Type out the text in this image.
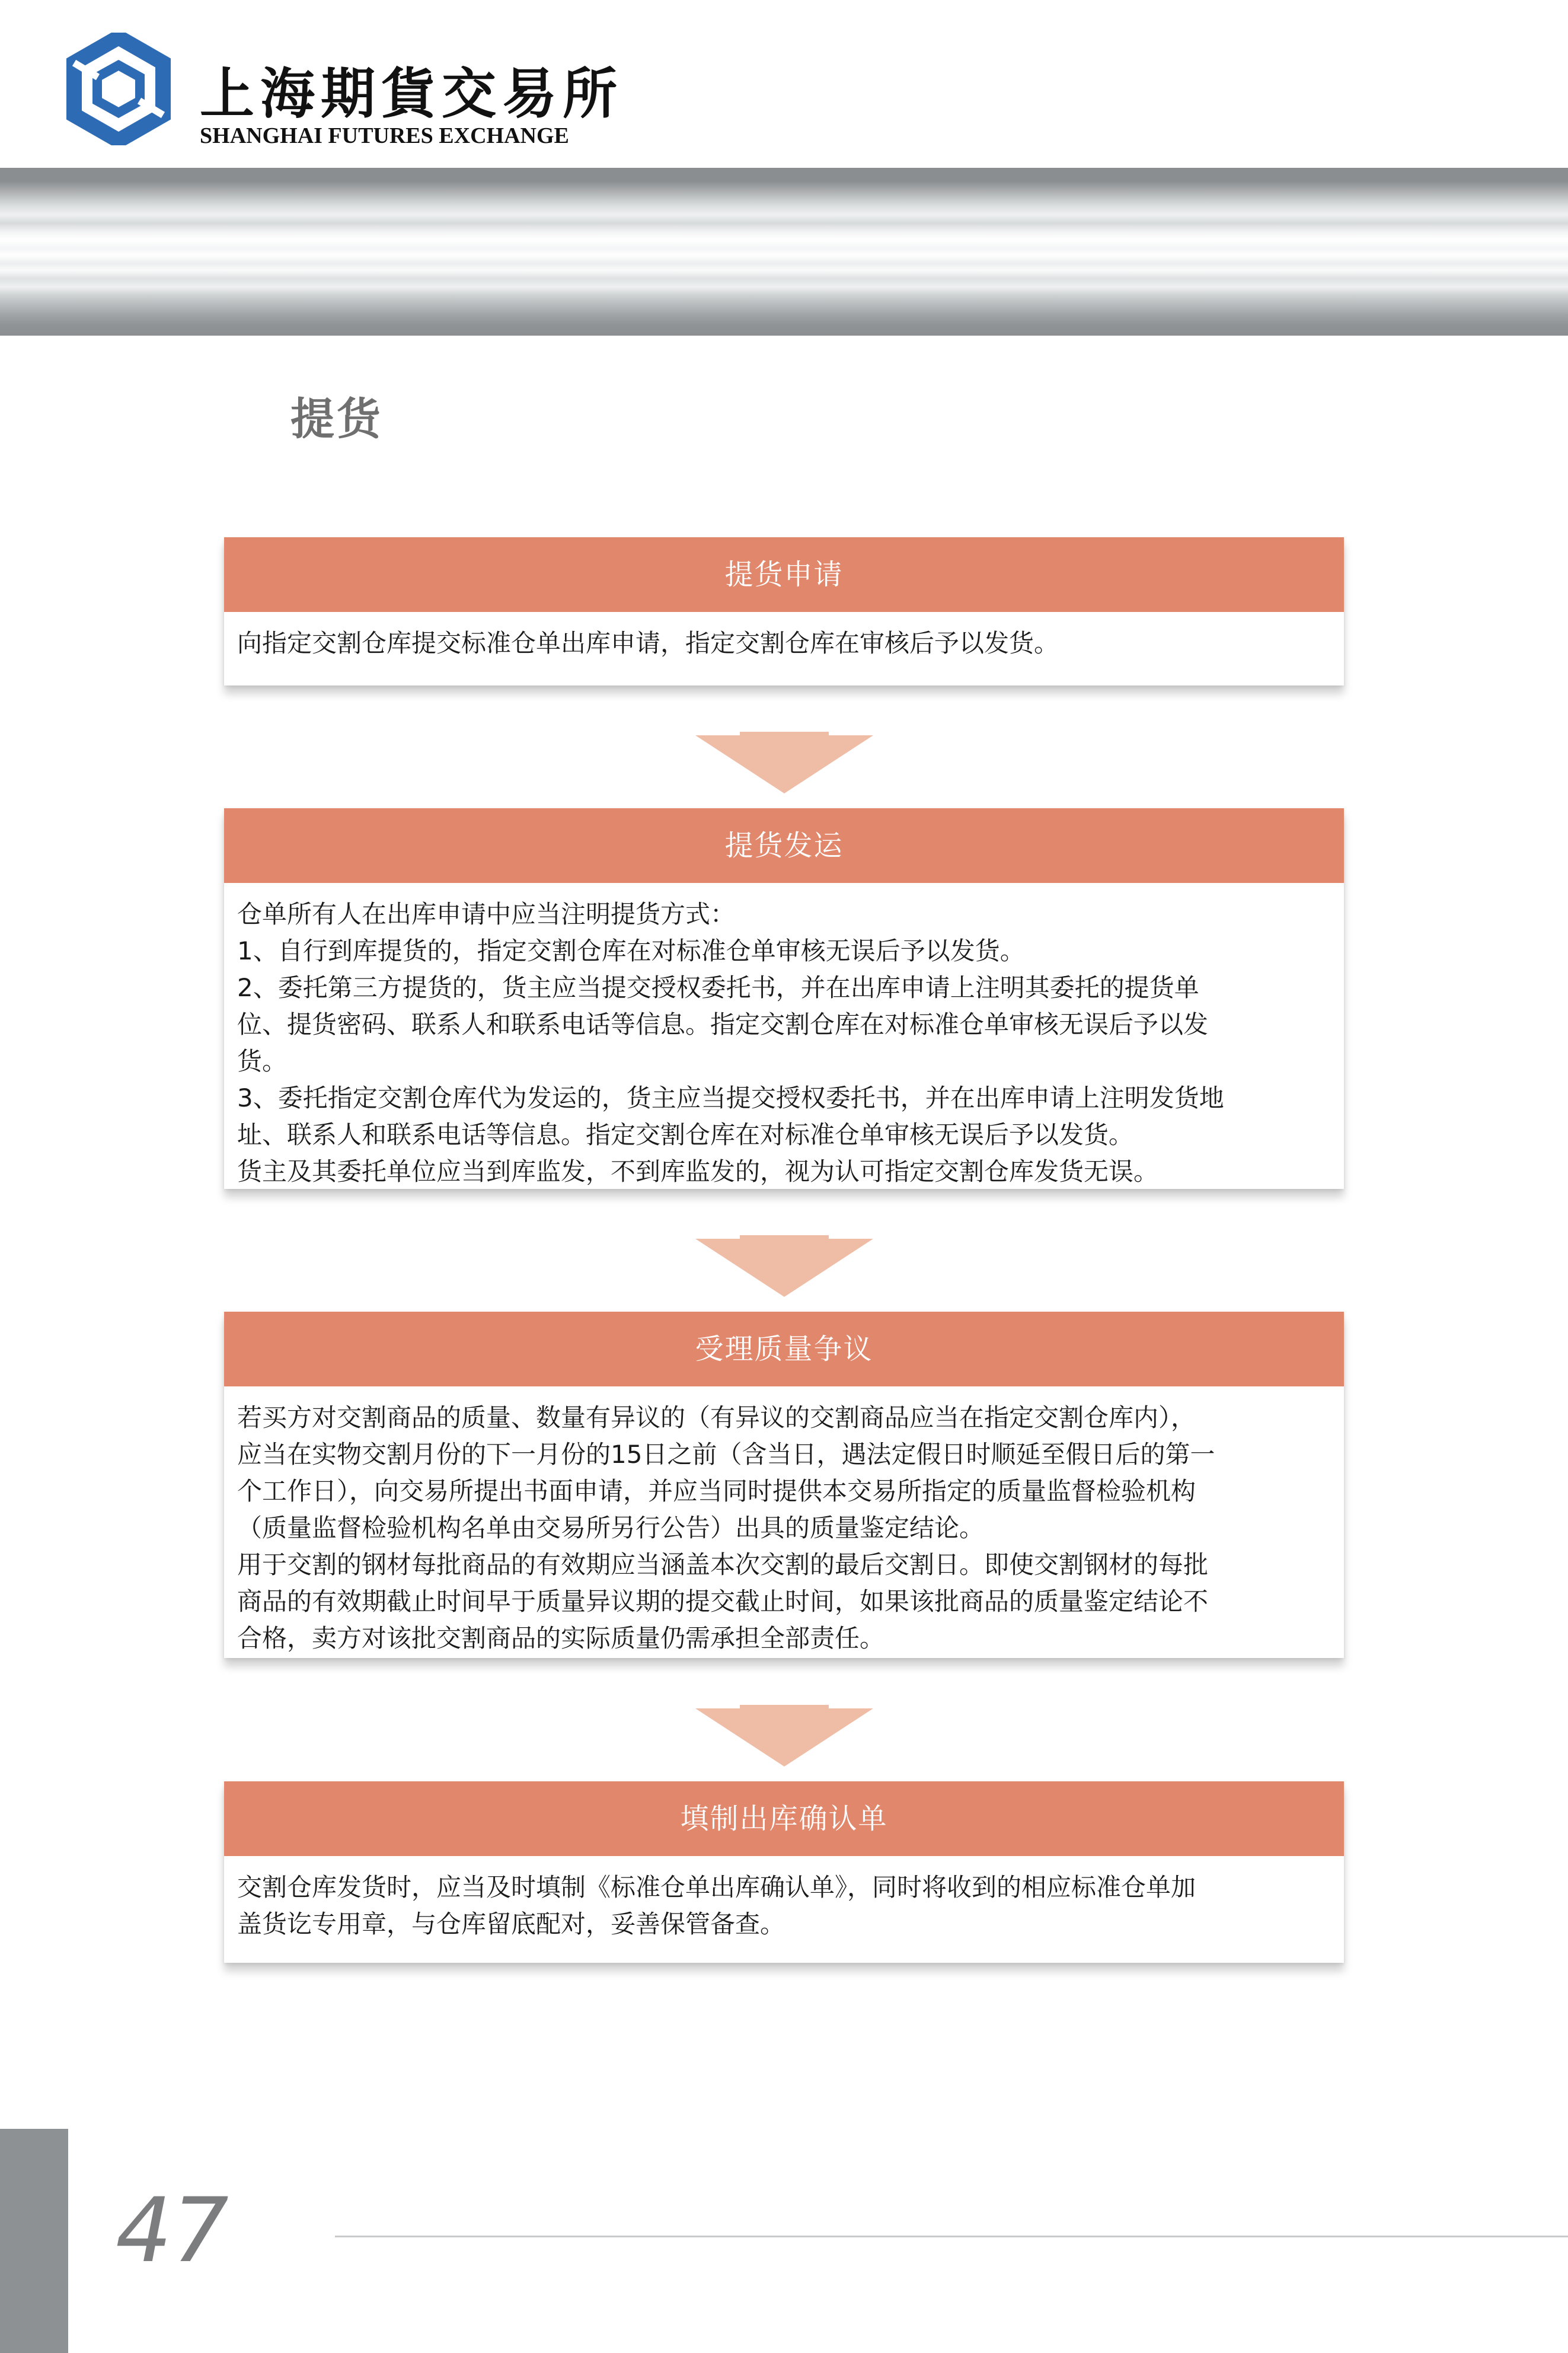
上海期貨交易所
SHANGHAI FUTURES EXCHANGE
提货
提货申请

向指定交割仓库提交标准仓单出库申请，指定交割仓库在审核后予以发货。

提货发运

仓单所有人在出库申请中应当注明提货方式：

1、自行到库提货的，指定交割仓库在对标准仓单审核无误后予以发货。

2、委托第三方提货的，货主应当提交授权委托书，并在出库申请上注明其委托的提货单

位、提货密码、联系人和联系电话等信息。指定交割仓库在对标准仓单审核无误后予以发

货。

3、委托指定交割仓库代为发运的，货主应当提交授权委托书，并在出库申请上注明发货地

址、联系人和联系电话等信息。指定交割仓库在对标准仓单审核无误后予以发货。

货主及其委托单位应当到库监发，不到库监发的，视为认可指定交割仓库发货无误。

受理质量争议

若买方对交割商品的质量、数量有异议的（有异议的交割商品应当在指定交割仓库内），

应当在实物交割月份的下一月份的15日之前（含当日，遇法定假日时顺延至假日后的第一

个工作日），向交易所提出书面申请，并应当同时提供本交易所指定的质量监督检验机构

（质量监督检验机构名单由交易所另行公告）出具的质量鉴定结论。

用于交割的钢材每批商品的有效期应当涵盖本次交割的最后交割日。即使交割钢材的每批

商品的有效期截止时间早于质量异议期的提交截止时间，如果该批商品的质量鉴定结论不

合格，卖方对该批交割商品的实际质量仍需承担全部责任。

填制出库确认单

交割仓库发货时，应当及时填制《标准仓单出库确认单》，同时将收到的相应标准仓单加

盖货讫专用章，与仓库留底配对，妥善保管备查。

47
